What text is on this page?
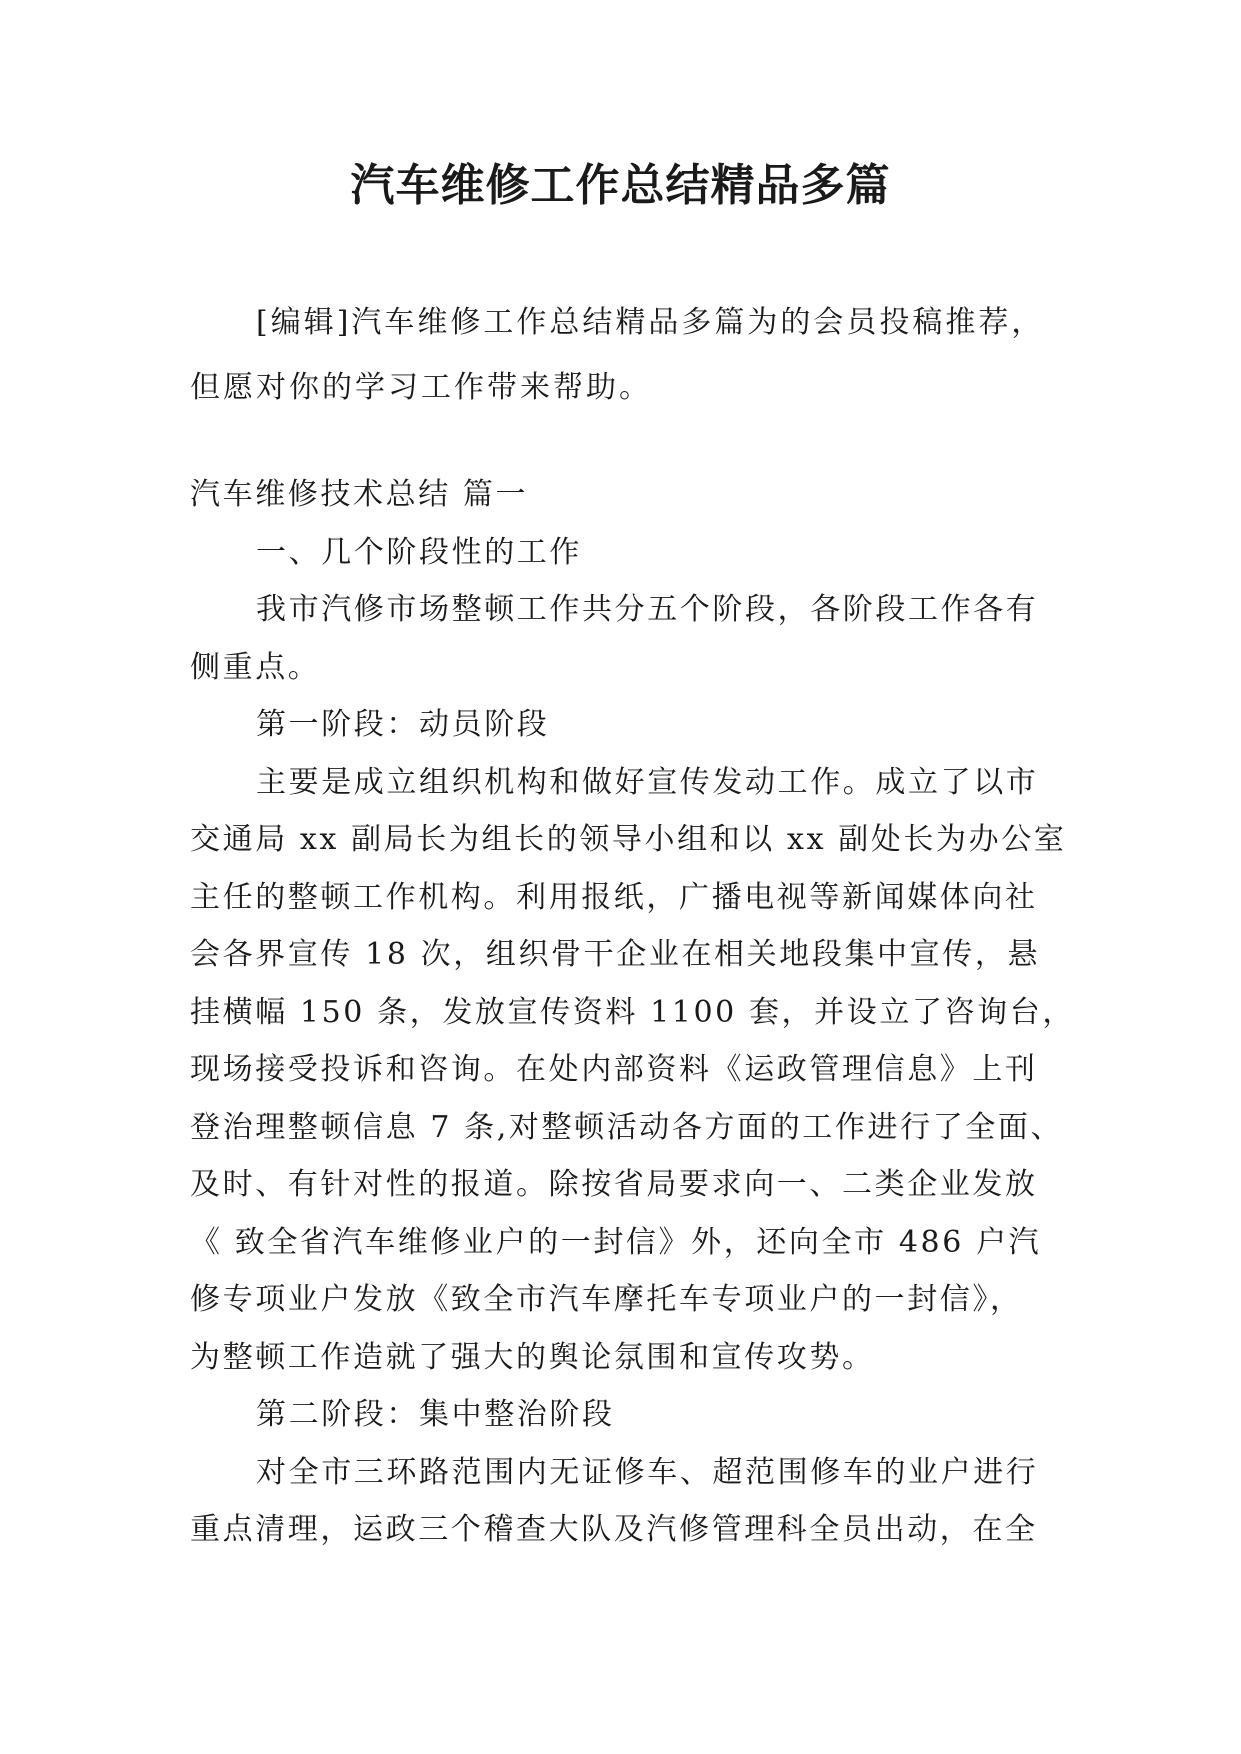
汽车维修工作总结精品多篇
[编辑]汽车维修工作总结精品多篇为的会员投稿推荐，
但愿对你的学习工作带来帮助。
汽车维修技术总结 篇一
一、几个阶段性的工作
我市汽修市场整顿工作共分五个阶段，各阶段工作各有
侧重点。
第一阶段：动员阶段
主要是成立组织机构和做好宣传发动工作。成立了以市
交通局 xx 副局长为组长的领导小组和以 xx 副处长为办公室
主任的整顿工作机构。利用报纸，广播电视等新闻媒体向社
会各界宣传 18 次，组织骨干企业在相关地段集中宣传，悬
挂横幅 150 条，发放宣传资料 1100 套，并设立了咨询台，
现场接受投诉和咨询。在处内部资料《运政管理信息》上刊
登治理整顿信息 7 条,对整顿活动各方面的工作进行了全面、
及时、有针对性的报道。除按省局要求向一、二类企业发放
《 致全省汽车维修业户的一封信》外，还向全市 486 户汽
修专项业户发放《致全市汽车摩托车专项业户的一封信》，
为整顿工作造就了强大的舆论氛围和宣传攻势。
第二阶段：集中整治阶段
对全市三环路范围内无证修车、超范围修车的业户进行
重点清理，运政三个稽查大队及汽修管理科全员出动，在全
